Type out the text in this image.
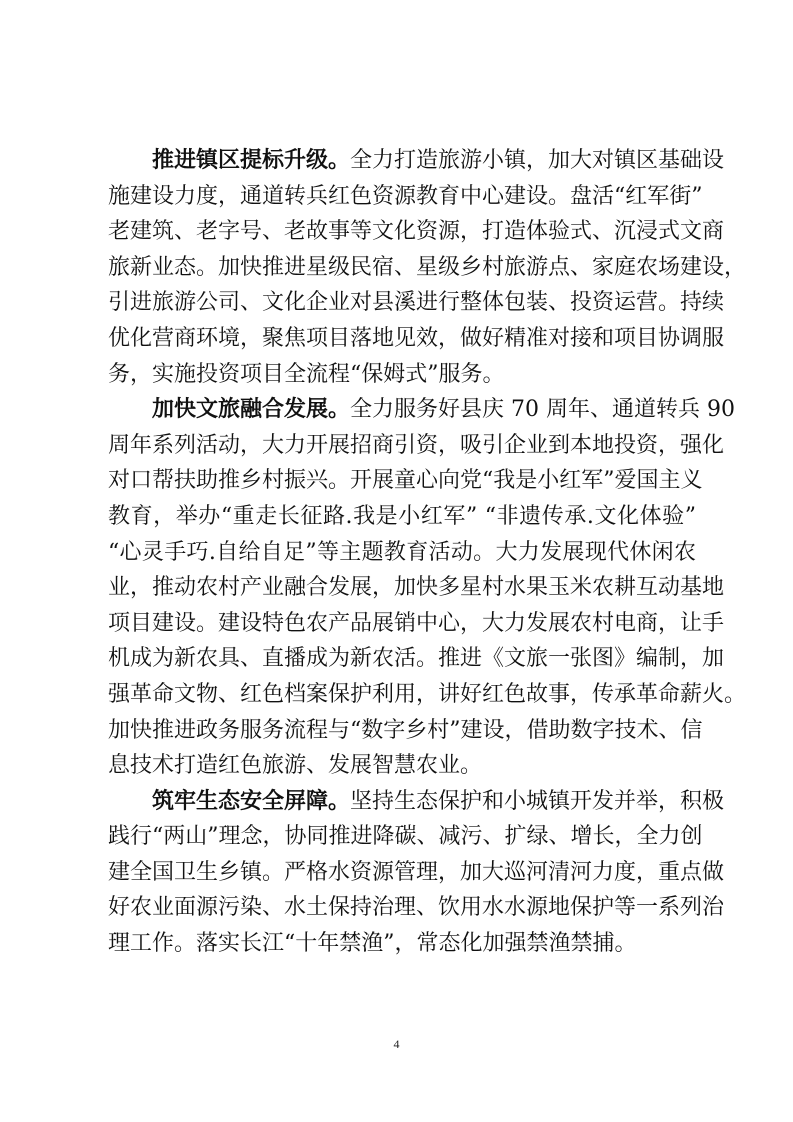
推进镇区提标升级。全力打造旅游小镇，加大对镇区基础设
施建设力度，通道转兵红色资源教育中心建设。盘活“红军街”
老建筑、老字号、老故事等文化资源，打造体验式、沉浸式文商
旅新业态。加快推进星级民宿、星级乡村旅游点、家庭农场建设，
引进旅游公司、文化企业对县溪进行整体包装、投资运营。持续
优化营商环境，聚焦项目落地见效，做好精准对接和项目协调服
务，实施投资项目全流程“保姆式”服务。
加快文旅融合发展。全力服务好县庆 70 周年、通道转兵 90
周年系列活动，大力开展招商引资，吸引企业到本地投资，强化
对口帮扶助推乡村振兴。开展童心向党“我是小红军”爱国主义
教育，举办“重走长征路.我是小红军” “非遗传承.文化体验”
“心灵手巧.自给自足”等主题教育活动。大力发展现代休闲农
业，推动农村产业融合发展，加快多星村水果玉米农耕互动基地
项目建设。建设特色农产品展销中心，大力发展农村电商，让手
机成为新农具、直播成为新农活。推进《文旅一张图》编制，加
强革命文物、红色档案保护利用，讲好红色故事，传承革命薪火。
加快推进政务服务流程与“数字乡村”建设，借助数字技术、信
息技术打造红色旅游、发展智慧农业。
筑牢生态安全屏障。坚持生态保护和小城镇开发并举，积极
践行“两山”理念，协同推进降碳、减污、扩绿、增长，全力创
建全国卫生乡镇。严格水资源管理，加大巡河清河力度，重点做
好农业面源污染、水土保持治理、饮用水水源地保护等一系列治
理工作。落实长江“十年禁渔”，常态化加强禁渔禁捕。
4
